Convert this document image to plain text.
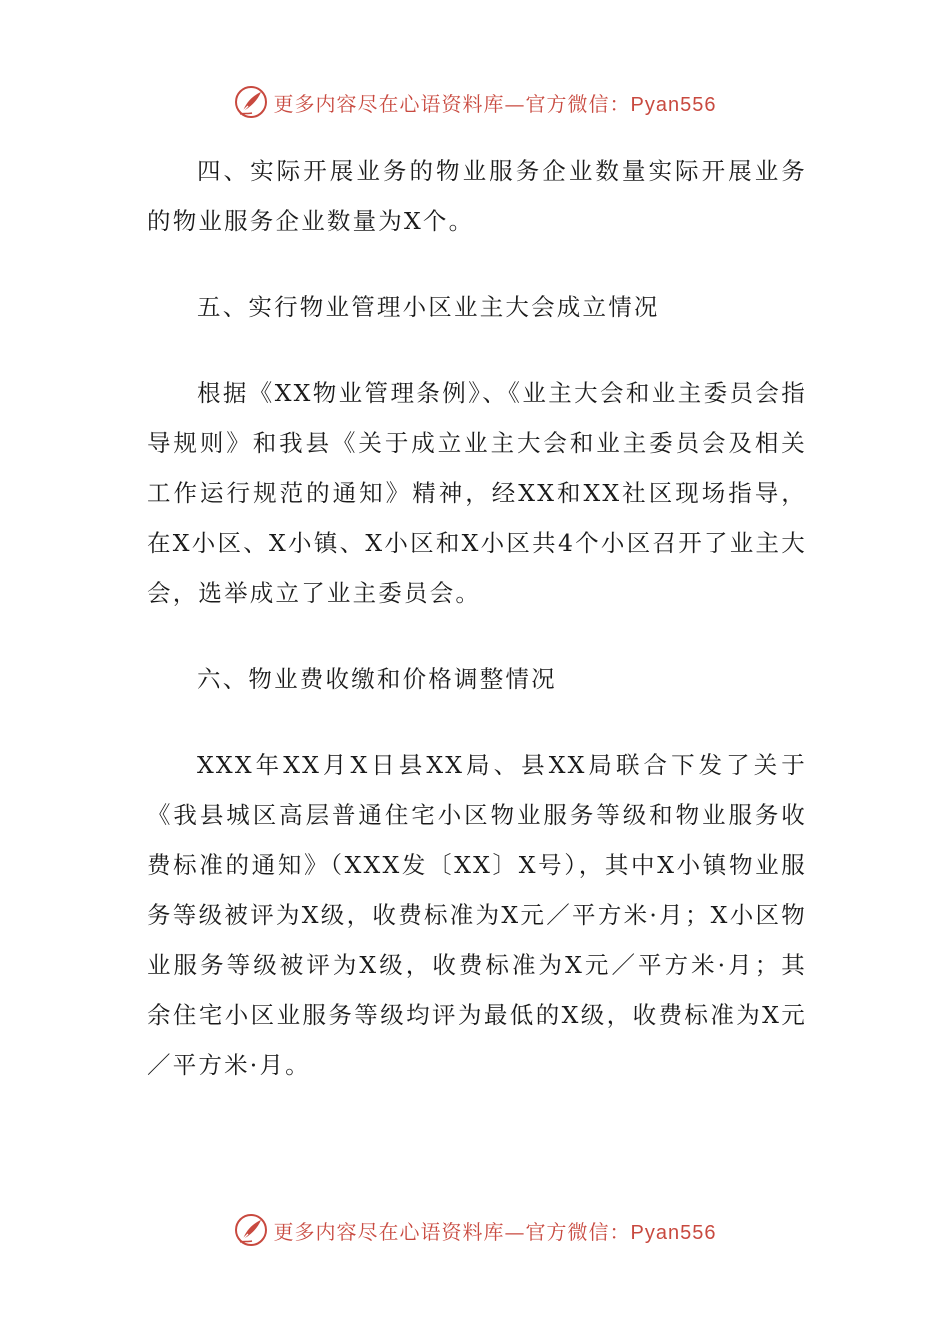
更多内容尽在心语资料库—官方微信：Pyan556

四、实际开展业务的物业服务企业数量实际开展业务的物业服务企业数量为X个。

五、实行物业管理小区业主大会成立情况

根据《XX物业管理条例》、《业主大会和业主委员会指导规则》和我县《关于成立业主大会和业主委员会及相关工作运行规范的通知》精神，经XX和XX社区现场指导，在X小区、X小镇、X小区和X小区共4个小区召开了业主大会，选举成立了业主委员会。

六、物业费收缴和价格调整情况

XXX年XX月X日县XX局、县XX局联合下发了关于《我县城区高层普通住宅小区物业服务等级和物业服务收费标准的通知》（XXX发〔XX〕X号），其中X小镇物业服务等级被评为X级，收费标准为X元／平方米·月；X小区物业服务等级被评为X级，收费标准为X元／平方米·月；其余住宅小区业服务等级均评为最低的X级，收费标准为X元／平方米·月。

更多内容尽在心语资料库—官方微信：Pyan556
